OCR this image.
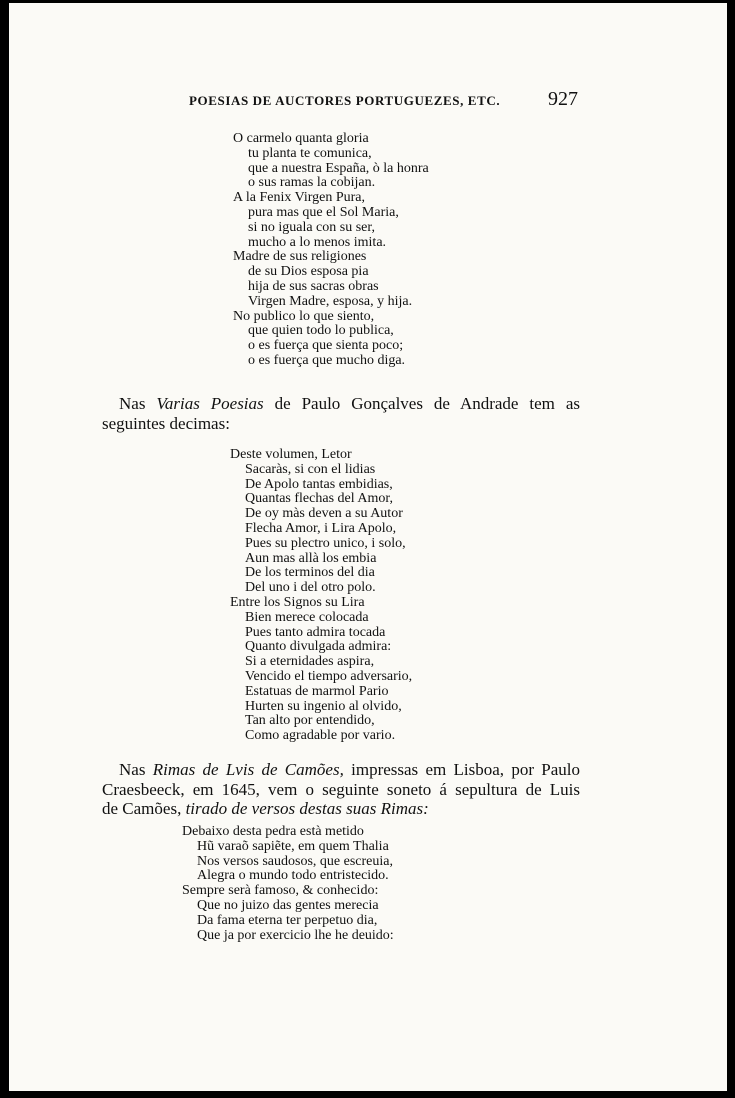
POESIAS DE AUCTORES PORTUGUEZES, ETC. 927
O carmelo quanta gloria
tu planta te comunica,
que a nuestra España, ò la honra
o sus ramas la cobijan.
A la Fenix Virgen Pura,
pura mas que el Sol Maria,
si no iguala con su ser,
mucho a lo menos imita.
Madre de sus religiones
de su Dios esposa pia
hija de sus sacras obras
Virgen Madre, esposa, y hija.
No publico lo que siento,
que quien todo lo publica,
o es fuerça que sienta poco;
o es fuerça que mucho diga.
Nas Varias Poesias de Paulo Gonçalves de Andrade tem as
seguintes decimas:
Deste volumen, Letor
Sacaràs, si con el lidias
De Apolo tantas embidias,
Quantas flechas del Amor,
De oy màs deven a su Autor
Flecha Amor, i Lira Apolo,
Pues su plectro unico, i solo,
Aun mas allà los embia
De los terminos del dia
Del uno i del otro polo.
Entre los Signos su Lira
Bien merece colocada
Pues tanto admira tocada
Quanto divulgada admira:
Si a eternidades aspira,
Vencido el tiempo adversario,
Estatuas de marmol Pario
Hurten su ingenio al olvido,
Tan alto por entendido,
Como agradable por vario.
Nas Rimas de Lvis de Camões, impressas em Lisboa, por Paulo
Craesbeeck, em 1645, vem o seguinte soneto á sepultura de Luis
de Camões, tirado de versos destas suas Rimas:
Debaixo desta pedra està metido
Hũ varaõ sapiẽte, em quem Thalia
Nos versos saudosos, que escreuia,
Alegra o mundo todo entristecido.
Sempre serà famoso, & conhecido:
Que no juizo das gentes merecia
Da fama eterna ter perpetuo dia,
Que ja por exercicio lhe he deuido:
